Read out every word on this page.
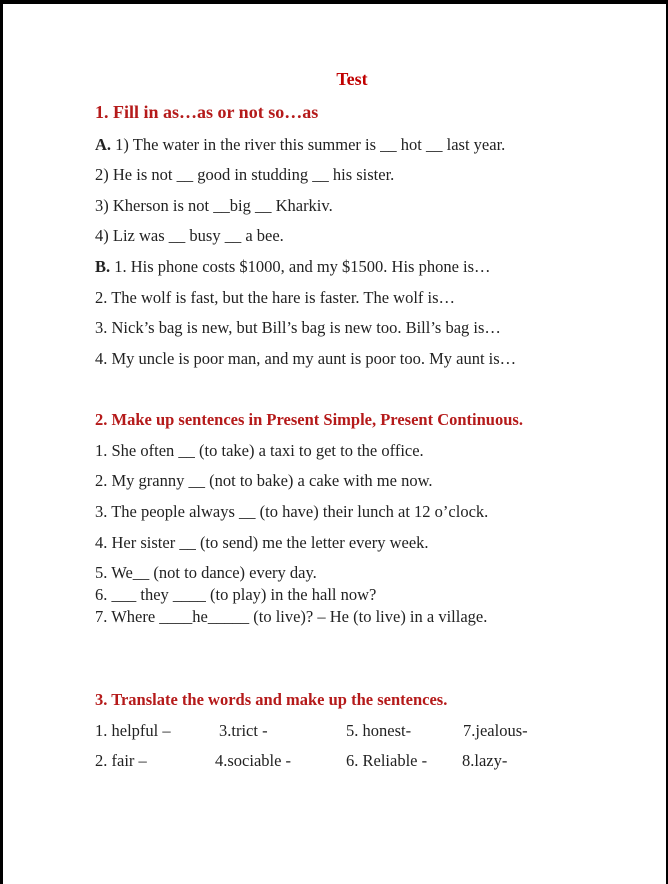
Test
1. Fill in as…as or not so…as
A. 1) The water in the river this summer is __ hot __ last year.
2) He is not __ good in studding __ his sister.
3) Kherson is not __big __ Kharkiv.
4) Liz was __ busy __ a bee.
B. 1. His phone costs $1000, and my $1500. His phone is…
2. The wolf is fast, but the hare is faster. The wolf is…
3. Nick’s bag is new, but Bill’s bag is new too. Bill’s bag is…
4. My uncle is poor man, and my aunt is poor too. My aunt is…
2. Make up sentences in Present Simple, Present Continuous.
1. She often __ (to take) a taxi to get to the office.
2. My granny __ (not to bake) a cake with me now.
3. The people always __ (to have) their lunch at 12 o’clock.
4. Her sister __ (to send) me the letter every week.
5. We__ (not to dance) every day.
6. ___ they ____ (to play) in the hall now?
7. Where ____he_____ (to live)? – He (to live) in a village.
3. Translate the words and make up the sentences.
1. helpful –	3.trict -	5. honest-	7.jealous-
2. fair –	4.sociable -	6. Reliable - 8.lazy-
